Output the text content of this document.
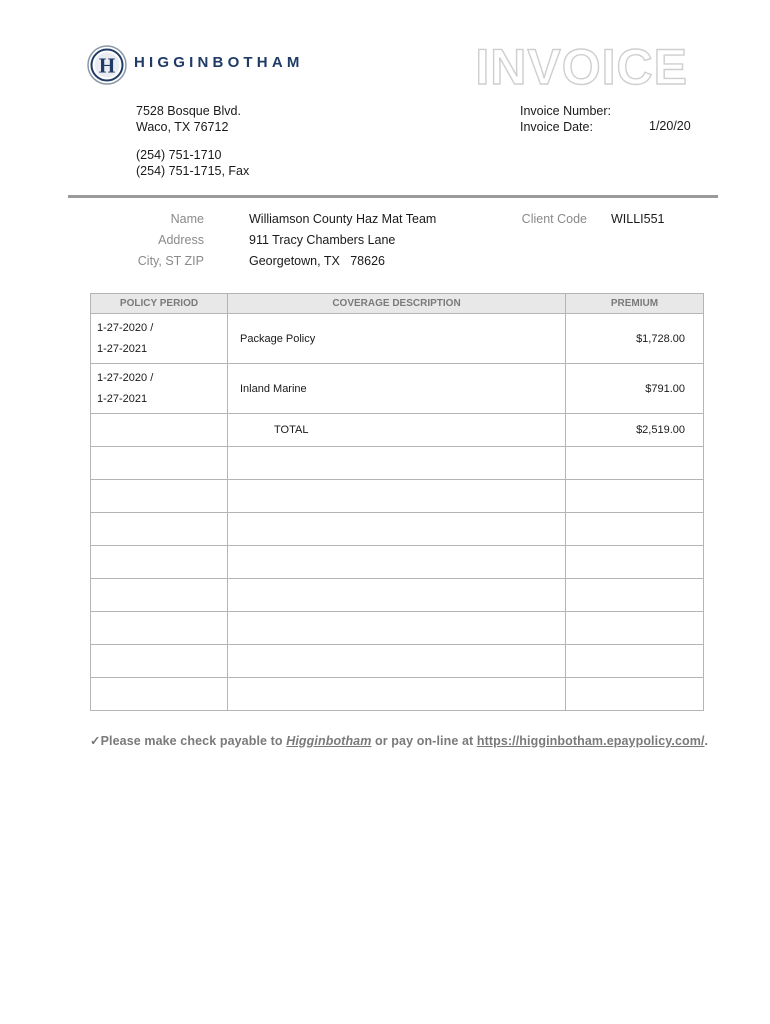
H HIGGINBOTHAM	INVOICE
7528 Bosque Blvd.
Waco, TX 76712
(254) 751-1710
(254) 751-1715, Fax
Invoice Number:
Invoice Date:	1/20/20
Name	Williamson County Haz Mat Team
Address	911 Tracy Chambers Lane
City, ST ZIP	Georgetown, TX   78626
Client Code WILLI551
POLICY PERIOD	COVERAGE DESCRIPTION	PREMIUM

1-27-2020 /
1-27-2021	Package Policy	$1,728.00

1-27-2020 /
1-27-2021	Inland Marine	$791.00
	TOTAL	$2,519.00

✓Please make check payable to Higginbotham or pay on-line at https://higginbotham.epaypolicy.com/.
